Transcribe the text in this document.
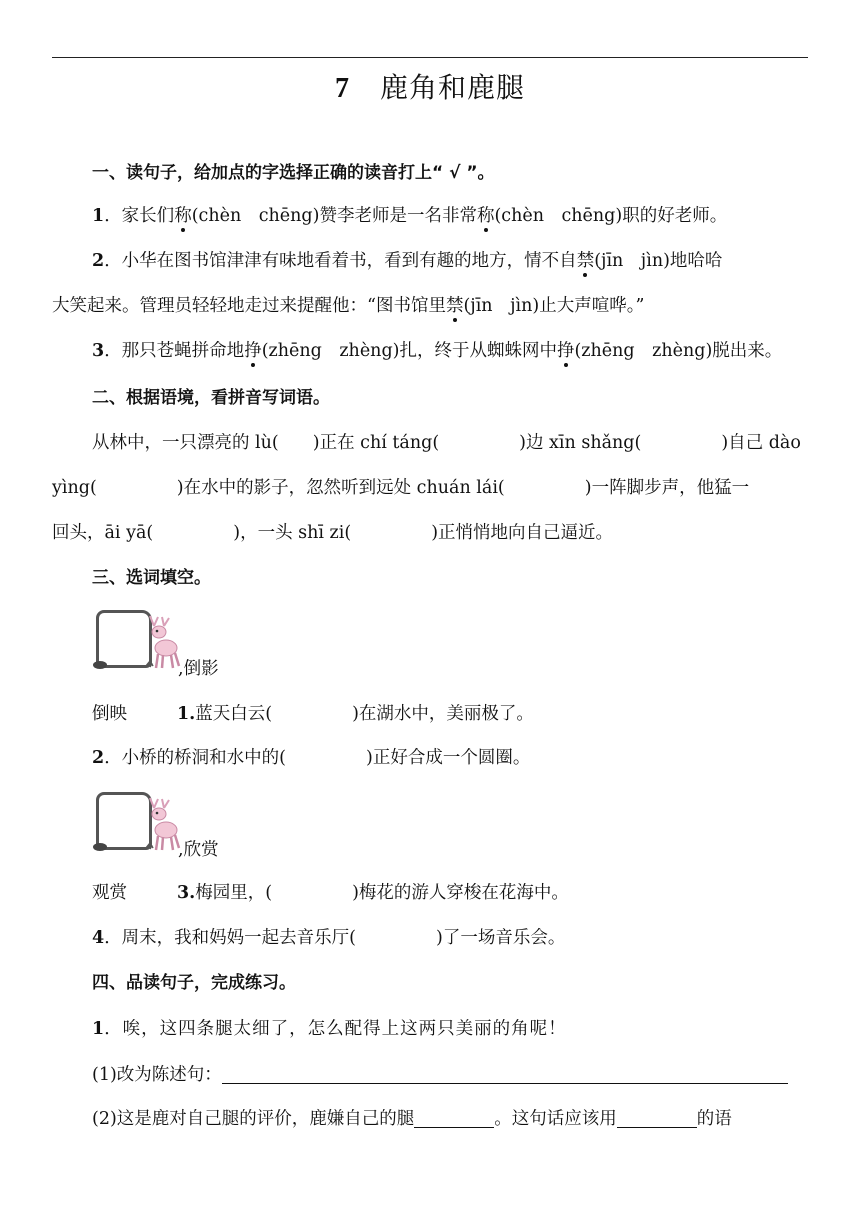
7 鹿角和鹿腿
一、读句子，给加点的字选择正确的读音打上“ √ ”。
1．家长们称(chèn　chēng)赞李老师是一名非常称(chèn　chēng)职的好老师。
2．小华在图书馆津津有味地看着书，看到有趣的地方，情不自禁(jīn　jìn)地哈哈
大笑起来。管理员轻轻地走过来提醒他：“图书馆里禁(jīn　jìn)止大声喧哗。”
3．那只苍蝇拼命地挣(zhēng　zhèng)扎，终于从蜘蛛网中挣(zhēng　zhèng)脱出来。
二、根据语境，看拼音写词语。
从林中，一只漂亮的 lù( )正在 chí táng(	)边 xīn shǎng(	)自己 dào
yìng(	)在水中的影子，忽然听到远处 chuán lái(	)一阵脚步声，他猛一
回头，āi yā(	)，一头 shī zi(	)正悄悄地向自己逼近。
三、选词填空。
,倒影
倒映	1.蓝天白云(	)在湖水中，美丽极了。
2．小桥的桥洞和水中的(	)正好合成一个圆圈。
,欣赏
观赏	3.梅园里，(	)梅花的游人穿梭在花海中。
4．周末，我和妈妈一起去音乐厅(	)了一场音乐会。
四、品读句子，完成练习。
1．唉，这四条腿太细了，怎么配得上这两只美丽的角呢！
(1)改为陈述句：
(2)这是鹿对自己腿的评价，鹿嫌自己的腿	。这句话应该用	的语
